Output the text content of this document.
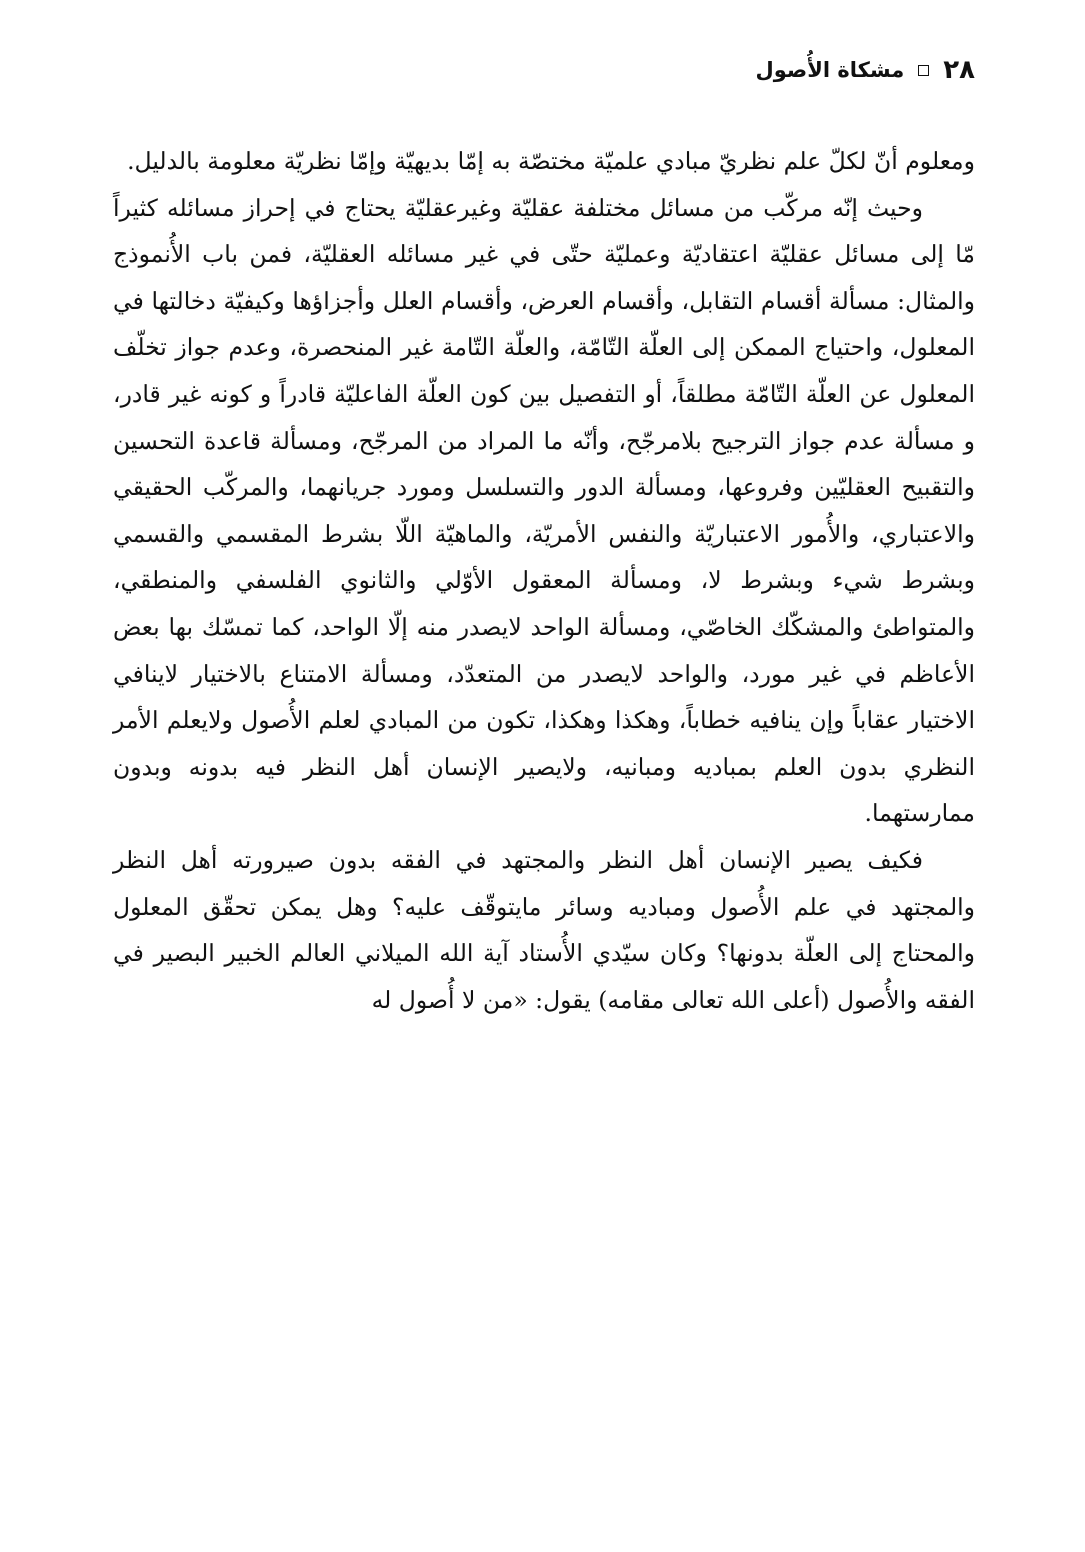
٢٨
مشكاة الأُصول

ومعلوم أنّ لكلّ علم نظريّ مبادي علميّة مختصّة به إمّا بديهيّة وإمّا نظريّة معلومة بالدليل.

وحيث إنّه مركّب من مسائل مختلفة عقليّة وغيرعقليّة يحتاج في إحراز مسائله كثيراً مّا إلى مسائل عقليّة اعتقاديّة وعمليّة حتّى في غير مسائله العقليّة، فمن باب الأُنموذج والمثال: مسألة أقسام التقابل، وأقسام العرض، وأقسام العلل وأجزاؤها وكيفيّة دخالتها في المعلول، واحتياج الممكن إلى العلّة التّامّة، والعلّة التّامة غير المنحصرة، وعدم جواز تخلّف المعلول عن العلّة التّامّة مطلقاً، أو التفصيل بين كون العلّة الفاعليّة قادراً و كونه غير قادر، و مسألة عدم جواز الترجيح بلامرجّح، وأنّه ما المراد من المرجّح، ومسألة قاعدة التحسين والتقبيح العقليّين وفروعها، ومسألة الدور والتسلسل ومورد جريانهما، والمركّب الحقيقي والاعتباري، والأُمور الاعتباريّة والنفس الأمريّة، والماهيّة اللّا بشرط المقسمي والقسمي وبشرط شيء وبشرط لا، ومسألة المعقول الأوّلي والثانوي الفلسفي والمنطقي، والمتواطئ والمشكّك الخاصّي، ومسألة الواحد لايصدر منه إلّا الواحد، كما تمسّك بها بعض الأعاظم في غير مورد، والواحد لايصدر من المتعدّد، ومسألة الامتناع بالاختيار لاينافي الاختيار عقاباً وإن ينافيه خطاباً، وهكذا وهكذا، تكون من المبادي لعلم الأُصول ولايعلم الأمر النظري بدون العلم بمباديه ومبانيه، ولايصير الإنسان أهل النظر فيه بدونه وبدون ممارستهما.

فكيف يصير الإنسان أهل النظر والمجتهد في الفقه بدون صيرورته أهل النظر والمجتهد في علم الأُصول ومباديه وسائر مايتوقّف عليه؟ وهل يمكن تحقّق المعلول والمحتاج إلى العلّة بدونها؟ وكان سيّدي الأُستاد آية الله الميلاني العالم الخبير البصير في الفقه والأُصول (أعلى الله تعالى مقامه) يقول: «من لا أُصول له
